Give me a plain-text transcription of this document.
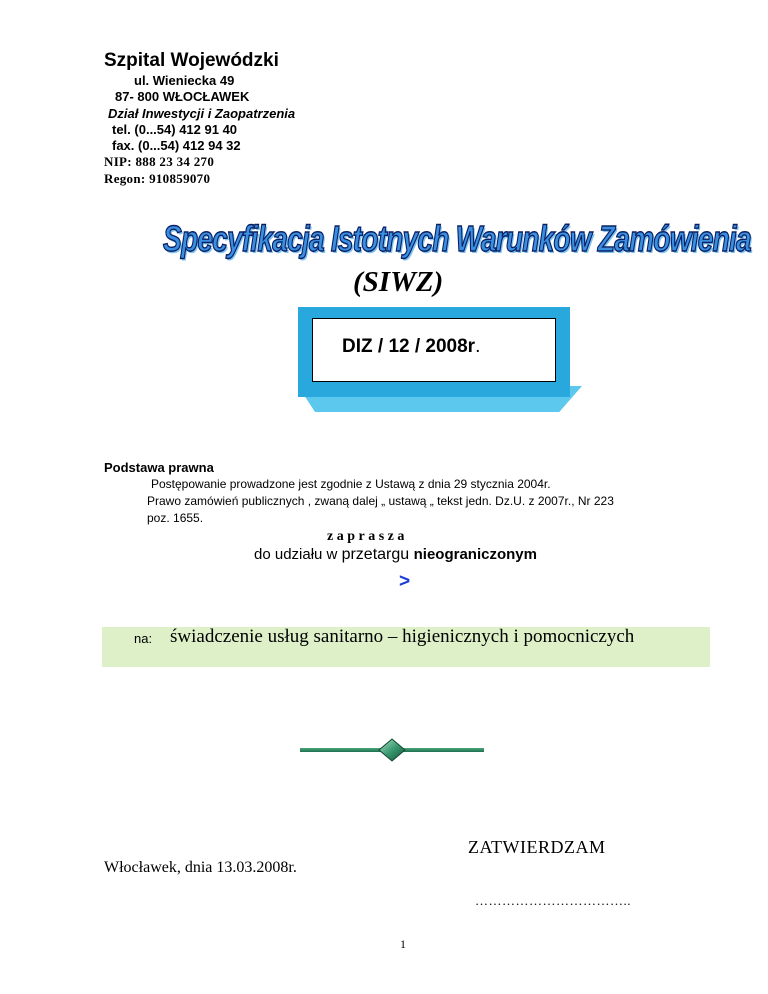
Szpital Wojewódzki
ul. Wieniecka 49
87- 800 WŁOCŁAWEK
Dział Inwestycji i Zaopatrzenia
tel. (0...54) 412 91 40
fax. (0...54) 412 94 32
NIP: 888 23 34 270
Regon: 910859070
Specyfikacja Istotnych Warunków Zamówienia
(SIWZ)
DIZ / 12 / 2008r.
Podstawa prawna
Postępowanie prowadzone jest zgodnie z Ustawą z dnia 29 stycznia 2004r.
Prawo zamówień publicznych , zwaną dalej „ ustawą „ tekst jedn. Dz.U. z 2007r., Nr 223
poz. 1655.
zaprasza
do udziału w przetargu nieograniczonym
>
na: świadczenie usług sanitarno – higienicznych i pomocniczych
ZATWIERDZAM
Włocławek, dnia 13.03.2008r.
……………………………..
1
